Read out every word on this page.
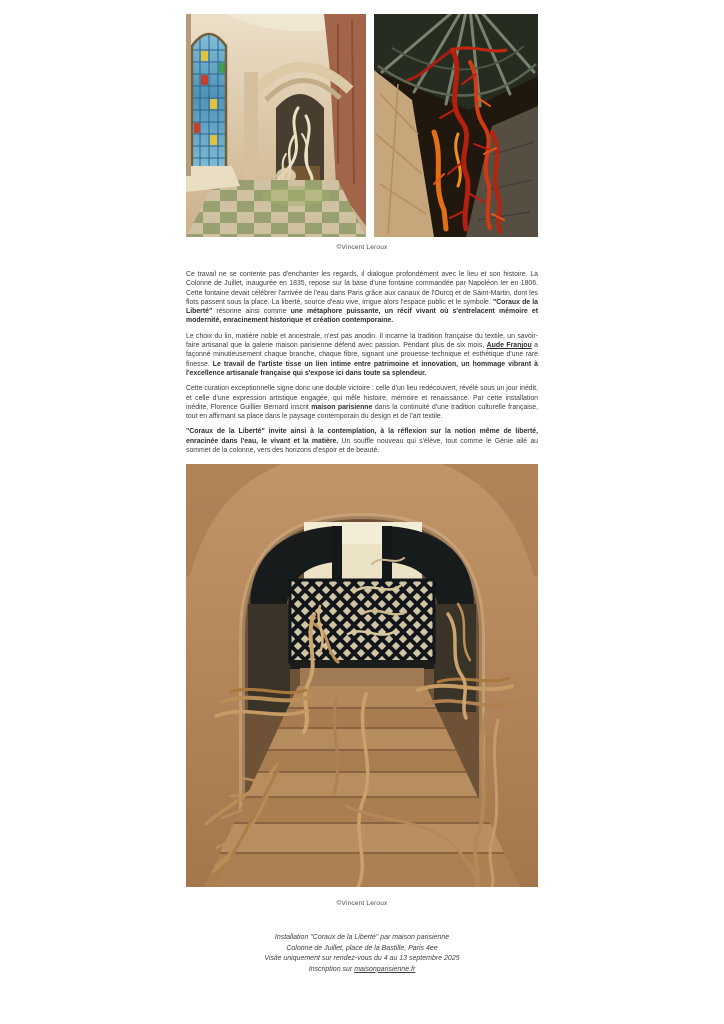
©Vincent Leroux

Ce travail ne se contente pas d'enchanter les regards, il dialogue profondément avec le lieu et son histoire. La Colonne de Juillet, inaugurée en 1835, repose sur la base d'une fontaine commandée par Napoléon Ier en 1806. Cette fontaine devait célébrer l'arrivée de l'eau dans Paris grâce aux canaux de l'Ourcq et de Saint-Martin, dont les flots passent sous la place. La liberté, source d'eau vive, irrigue alors l'espace public et le symbole. "Coraux de la Liberté" résonne ainsi comme une métaphore puissante, un récif vivant où s'entrelacent mémoire et modernité, enracinement historique et création contemporaine.

Le choix du lin, matière noble et ancestrale, n'est pas anodin. Il incarne la tradition française du textile, un savoir-faire artisanal que la galerie maison parisienne défend avec passion. Pendant plus de six mois, Aude Franjou a façonné minutieusement chaque branche, chaque fibre, signant une prouesse technique et esthétique d'une rare finesse. Le travail de l'artiste tisse un lien intime entre patrimoine et innovation, un hommage vibrant à l'excellence artisanale française qui s'expose ici dans toute sa splendeur.

Cette curation exceptionnelle signe donc une double victoire : celle d'un lieu redécouvert, révélé sous un jour inédit, et celle d'une expression artistique engagée, qui mêle histoire, mémoire et renaissance. Par cette installation inédite, Florence Guillier Bernard inscrit maison parisienne dans la continuité d'une tradition culturelle française, tout en affirmant sa place dans le paysage contemporain du design et de l'art textile.

"Coraux de la Liberté" invite ainsi à la contemplation, à la réflexion sur la notion même de liberté, enracinée dans l'eau, le vivant et la matière. Un souffle nouveau qui s'élève, tout comme le Génie ailé au sommet de la colonne, vers des horizons d'espoir et de beauté.

©Vincent Leroux
Installation "Coraux de la Liberté" par maison parisienne
Colonne de Juillet, place de la Bastille, Paris 4ee
Visite uniquement sur rendez-vous du 4 au 13 septembre 2025
Inscription sur maisonparisienne.fr
